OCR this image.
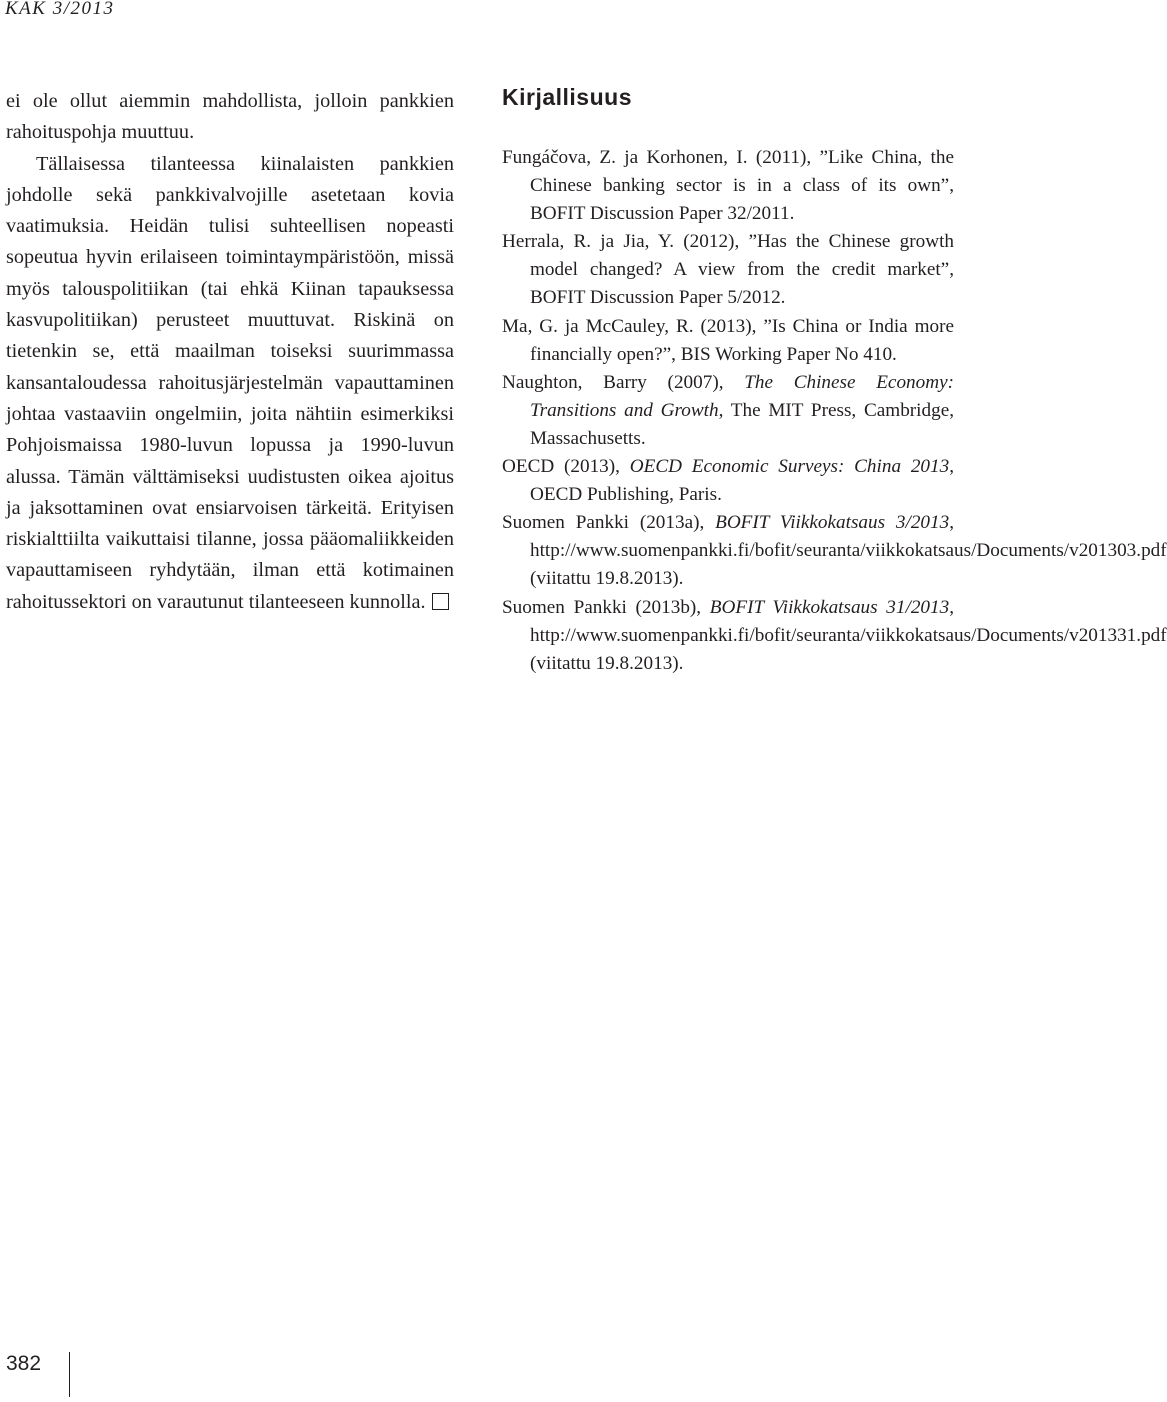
KAK 3/2013

ei ole ollut aiemmin mahdollista, jolloin pankkien rahoituspohja muuttuu.

Tällaisessa tilanteessa kiinalaisten pankkien johdolle sekä pankkivalvojille asetetaan kovia vaatimuksia. Heidän tulisi suhteellisen nopeasti sopeutua hyvin erilaiseen toimintaympäristöön, missä myös talouspolitiikan (tai ehkä Kiinan tapauksessa kasvupolitiikan) perusteet muuttuvat. Riskinä on tietenkin se, että maailman toiseksi suurimmassa kansantaloudessa rahoitusjärjestelmän vapauttaminen johtaa vastaaviin ongelmiin, joita nähtiin esimerkiksi Pohjoismaissa 1980-luvun lopussa ja 1990-luvun alussa. Tämän välttämiseksi uudistusten oikea ajoitus ja jaksottaminen ovat ensiarvoisen tärkeitä. Erityisen riskialttiilta vaikuttaisi tilanne, jossa pääomaliikkeiden vapauttamiseen ryhdytään, ilman että kotimainen rahoitussektori on varautunut tilanteeseen kunnolla.

Kirjallisuus

Fungáčova, Z. ja Korhonen, I. (2011), ”Like China, the Chinese banking sector is in a class of its own”, BOFIT Discussion Paper 32/2011.

Herrala, R. ja Jia, Y. (2012), ”Has the Chinese growth model changed? A view from the credit market”, BOFIT Discussion Paper 5/2012.

Ma, G. ja McCauley, R. (2013), ”Is China or India more financially open?”, BIS Working Paper No 410.

Naughton, Barry (2007), The Chinese Economy: Transitions and Growth, The MIT Press, Cambridge, Massachusetts.

OECD (2013), OECD Economic Surveys: China 2013, OECD Publishing, Paris.

Suomen Pankki (2013a), BOFIT Viikkokatsaus 3/2013, http://www.suomenpankki.fi/bofit/seuranta/viikkokatsaus/Documents/v201303.pdf (viitattu 19.8.2013).

Suomen Pankki (2013b), BOFIT Viikkokatsaus 31/2013, http://www.suomenpankki.fi/bofit/seuranta/viikkokatsaus/Documents/v201331.pdf (viitattu 19.8.2013).

382
